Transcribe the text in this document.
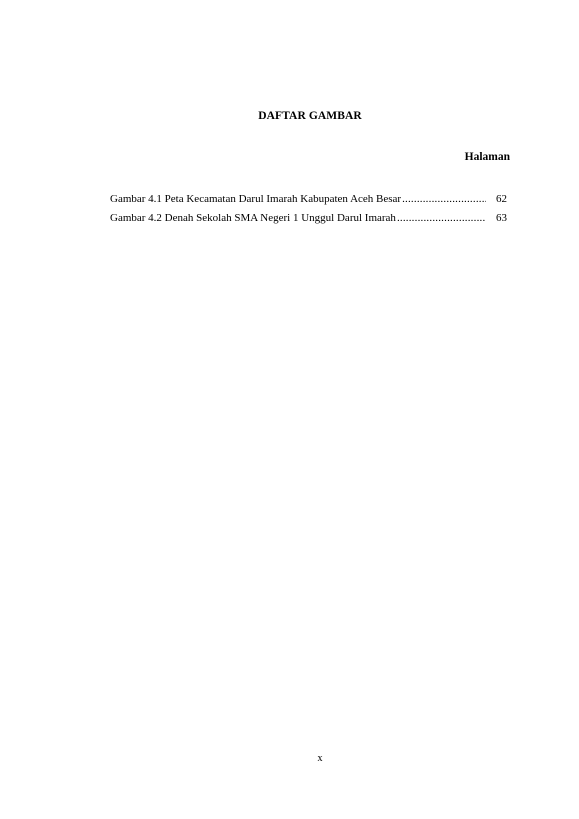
DAFTAR GAMBAR
Halaman
Gambar 4.1 Peta Kecamatan Darul Imarah Kabupaten Aceh Besar .....	62
Gambar 4.2 Denah Sekolah SMA Negeri 1 Unggul Darul Imarah .....	63
x
